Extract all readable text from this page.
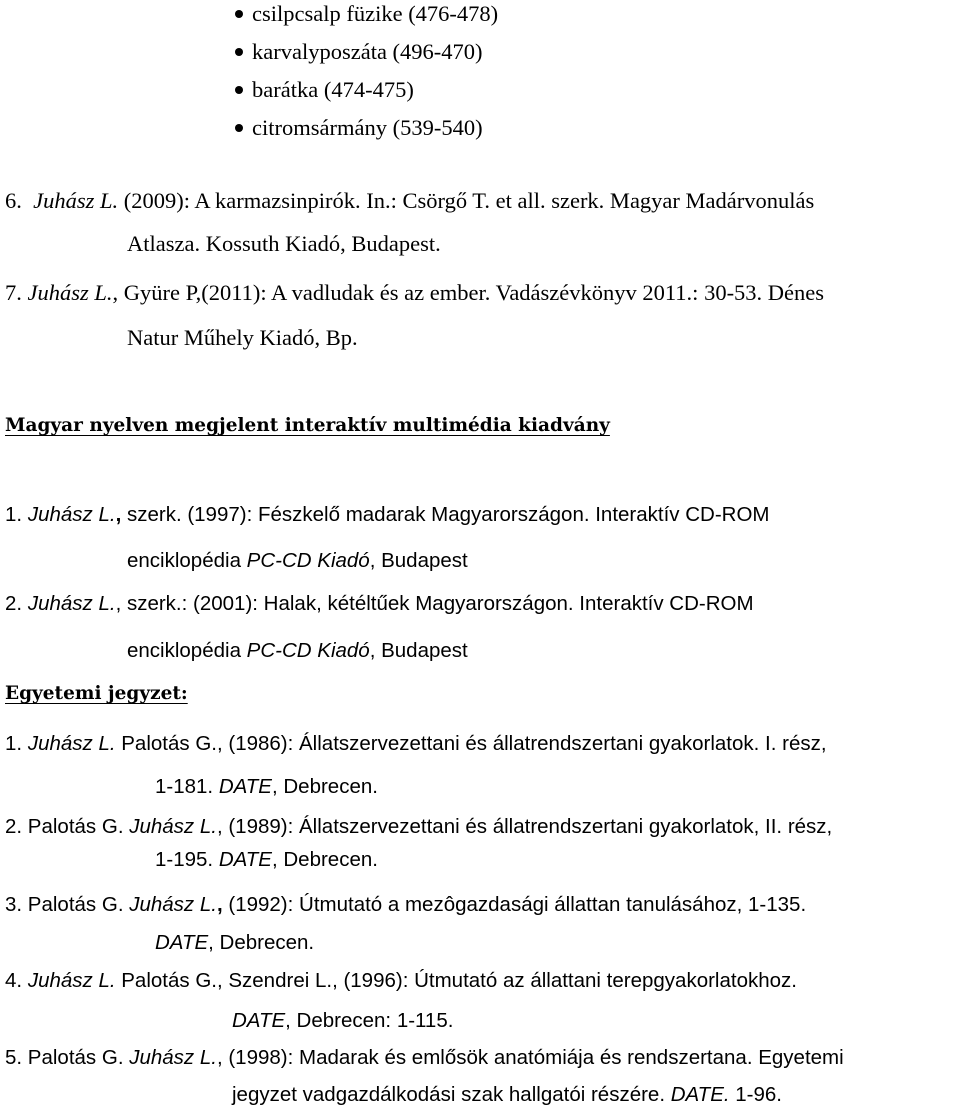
csilpcsalp füzike (476-478)
karvalyposzáta (496-470)
barátka (474-475)
citromsármány (539-540)
6. Juhász L. (2009): A karmazsinpirók. In.: Csörgő T. et all. szerk. Magyar Madárvonulás
Atlasza. Kossuth Kiadó, Budapest.
7. Juhász L., Gyüre P,(2011): A vadludak és az ember. Vadászévkönyv 2011.: 30-53. Dénes
Natur Műhely Kiadó, Bp.
Magyar nyelven megjelent interaktív multimédia kiadvány
1. Juhász L., szerk. (1997): Fészkelő madarak Magyarországon. Interaktív CD-ROM
enciklopédia PC-CD Kiadó, Budapest
2. Juhász L., szerk.: (2001): Halak, kétéltűek Magyarországon. Interaktív CD-ROM
enciklopédia PC-CD Kiadó, Budapest
Egyetemi jegyzet:
1. Juhász L. Palotás G., (1986): Állatszervezettani és állatrendszertani gyakorlatok. I. rész,
1-181. DATE, Debrecen.
2. Palotás G. Juhász L., (1989): Állatszervezettani és állatrendszertani gyakorlatok, II. rész,
1-195. DATE, Debrecen.
3. Palotás G. Juhász L., (1992): Útmutató a mezôgazdasági állattan tanulásához, 1-135.
DATE, Debrecen.
4. Juhász L. Palotás G., Szendrei L., (1996): Útmutató az állattani terepgyakorlatokhoz.
DATE, Debrecen: 1-115.
5. Palotás G. Juhász L., (1998): Madarak és emlősök anatómiája és rendszertana. Egyetemi
jegyzet vadgazdálkodási szak hallgatói részére. DATE. 1-96.
